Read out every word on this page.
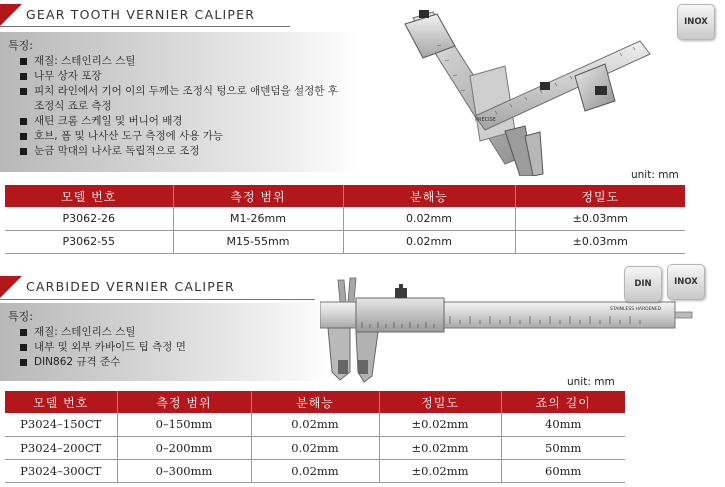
GEAR TOOTH VERNIER CALIPER
특징:
재질: 스테인리스 스틸
나무 상자 포장
피치 라인에서 기어 이의 두께는 조정식 텅으로 애덴덤을 설정한 후 조정식 죠로 측정
새틴 크롬 스케일 및 버니어 배경
호브, 폼 및 나사산 도구 측정에 사용 가능
눈금 막대의 나사로 독립적으로 조정
PRECISE
INOX
unit: mm
모델 번호	측정 범위	분해능	정밀도
P3062-26	M1-26mm	0.02mm	±0.03mm
P3062-55	M15-55mm	0.02mm	±0.03mm
CARBIDED VERNIER CALIPER
특징:
재질: 스테인리스 스틸
내부 및 외부 카바이드 팁 측정 면
DIN862 규격 준수
STAINLESS HARDENED
DIN	INOX
unit: mm
모델 번호	측정 범위	분해능	정밀도	죠의 길이
P3024–150CT	0–150mm	0.02mm	±0.02mm	40mm
P3024–200CT	0–200mm	0.02mm	±0.02mm	50mm
P3024–300CT	0–300mm	0.02mm	±0.02mm	60mm
